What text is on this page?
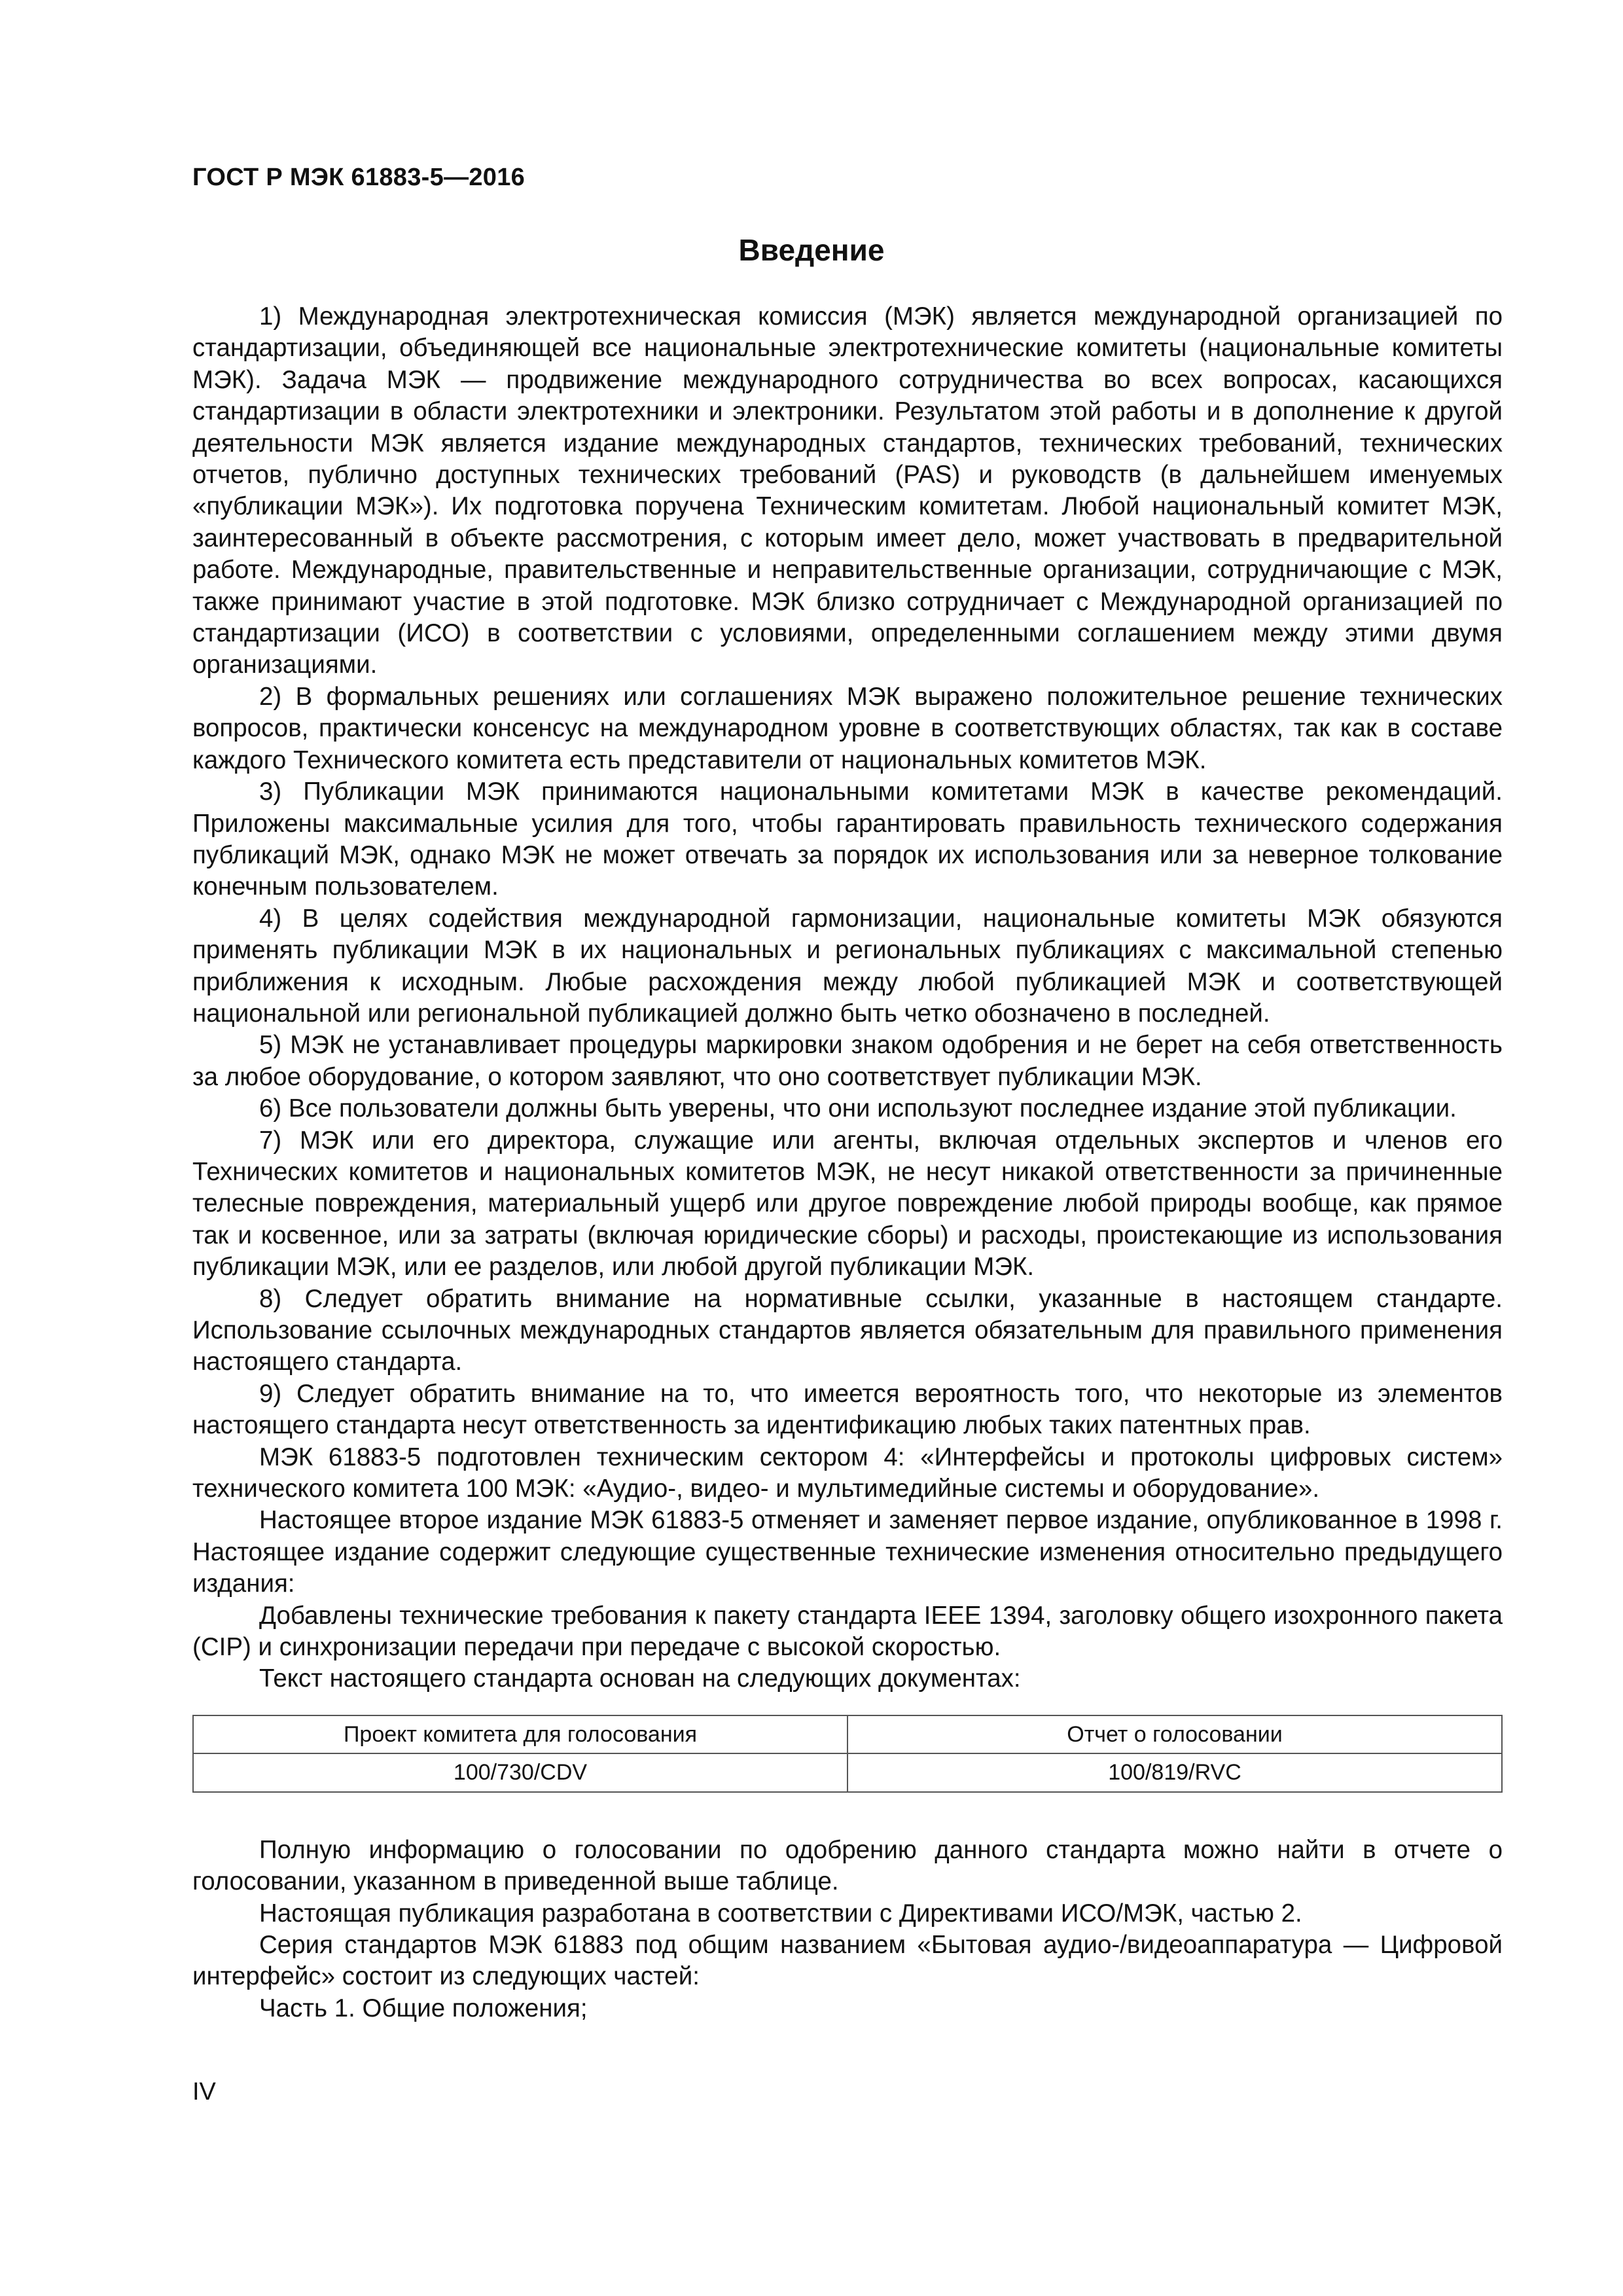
ГОСТ Р МЭК 61883-5—2016
Введение

1) Международная электротехническая комиссия (МЭК) является международной организацией по стандартизации, объединяющей все национальные электротехнические комитеты (национальные комитеты МЭК). Задача МЭК — продвижение международного сотрудничества во всех вопросах, касающихся стандартизации в области электротехники и электроники. Результатом этой работы и в дополнение к другой деятельности МЭК является издание международных стандартов, технических требований, технических отчетов, публично доступных технических требований (PAS) и руководств (в дальнейшем именуемых «публикации МЭК»). Их подготовка поручена Техническим комитетам. Любой национальный комитет МЭК, заинтересованный в объекте рассмотрения, с которым имеет дело, может участвовать в предварительной работе. Международные, правительственные и неправительственные организации, сотрудничающие с МЭК, также принимают участие в этой подготовке. МЭК близко сотрудничает с Международной организацией по стандартизации (ИСО) в соответствии с условиями, определенными соглашением между этими двумя организациями.

2) В формальных решениях или соглашениях МЭК выражено положительное решение технических вопросов, практически консенсус на международном уровне в соответствующих областях, так как в составе каждого Технического комитета есть представители от национальных комитетов МЭК.

3) Публикации МЭК принимаются национальными комитетами МЭК в качестве рекомендаций. Приложены максимальные усилия для того, чтобы гарантировать правильность технического содержания публикаций МЭК, однако МЭК не может отвечать за порядок их использования или за неверное толкование конечным пользователем.

4) В целях содействия международной гармонизации, национальные комитеты МЭК обязуются применять публикации МЭК в их национальных и региональных публикациях с максимальной степенью приближения к исходным. Любые расхождения между любой публикацией МЭК и соответствующей национальной или региональной публикацией должно быть четко обозначено в последней.

5) МЭК не устанавливает процедуры маркировки знаком одобрения и не берет на себя ответственность за любое оборудование, о котором заявляют, что оно соответствует публикации МЭК.

6) Все пользователи должны быть уверены, что они используют последнее издание этой публикации.

7) МЭК или его директора, служащие или агенты, включая отдельных экспертов и членов его Технических комитетов и национальных комитетов МЭК, не несут никакой ответственности за причиненные телесные повреждения, материальный ущерб или другое повреждение любой природы вообще, как прямое так и косвенное, или за затраты (включая юридические сборы) и расходы, проистекающие из использования публикации МЭК, или ее разделов, или любой другой публикации МЭК.

8) Следует обратить внимание на нормативные ссылки, указанные в настоящем стандарте. Использование ссылочных международных стандартов является обязательным для правильного применения настоящего стандарта.

9) Следует обратить внимание на то, что имеется вероятность того, что некоторые из элементов настоящего стандарта несут ответственность за идентификацию любых таких патентных прав.

МЭК 61883-5 подготовлен техническим сектором 4: «Интерфейсы и протоколы цифровых систем» технического комитета 100 МЭК: «Аудио-, видео- и мультимедийные системы и оборудование».

Настоящее второе издание МЭК 61883-5 отменяет и заменяет первое издание, опубликованное в 1998 г. Настоящее издание содержит следующие существенные технические изменения относительно предыдущего издания:

Добавлены технические требования к пакету стандарта IEEE 1394, заголовку общего изохронного пакета (CIP) и синхронизации передачи при передаче с высокой скоростью.

Текст настоящего стандарта основан на следующих документах:

Проект комитета для голосования	Отчет о голосовании
100/730/CDV	100/819/RVC

Полную информацию о голосовании по одобрению данного стандарта можно найти в отчете о голосовании, указанном в приведенной выше таблице.

Настоящая публикация разработана в соответствии с Директивами ИСО/МЭК, частью 2.

Серия стандартов МЭК 61883 под общим названием «Бытовая аудио-/видеоаппаратура — Цифровой интерфейс» состоит из следующих частей:

Часть 1. Общие положения;

IV
